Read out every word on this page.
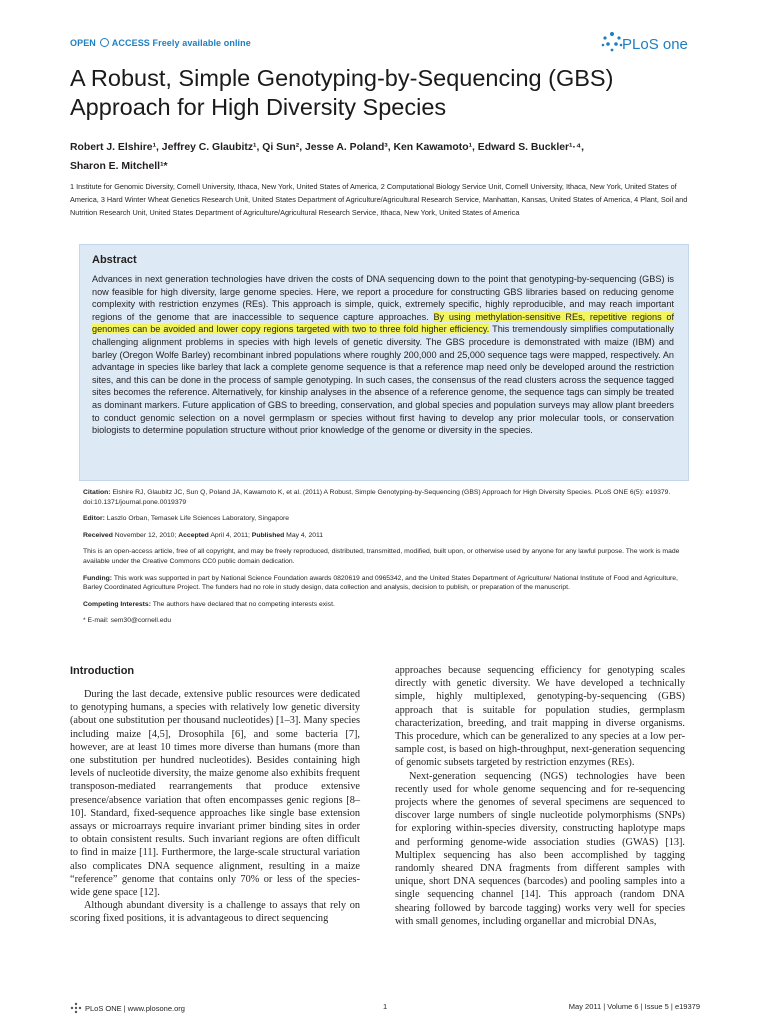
OPEN ACCESS Freely available online	PLoS one
A Robust, Simple Genotyping-by-Sequencing (GBS)
Approach for High Diversity Species
Robert J. Elshire¹, Jeffrey C. Glaubitz¹, Qi Sun², Jesse A. Poland³, Ken Kawamoto¹, Edward S. Buckler¹·⁴,
Sharon E. Mitchell¹*
1 Institute for Genomic Diversity, Cornell University, Ithaca, New York, United States of America, 2 Computational Biology Service Unit, Cornell University, Ithaca, New York, United States of America, 3 Hard Winter Wheat Genetics Research Unit, United States Department of Agriculture/Agricultural Research Service, Manhattan, Kansas, United States of America, 4 Plant, Soil and Nutrition Research Unit, United States Department of Agriculture/Agricultural Research Service, Ithaca, New York, United States of America
Abstract

Advances in next generation technologies have driven the costs of DNA sequencing down to the point that genotyping-by-sequencing (GBS) is now feasible for high diversity, large genome species. Here, we report a procedure for constructing GBS libraries based on reducing genome complexity with restriction enzymes (REs). This approach is simple, quick, extremely specific, highly reproducible, and may reach important regions of the genome that are inaccessible to sequence capture approaches. By using methylation-sensitive REs, repetitive regions of genomes can be avoided and lower copy regions targeted with two to three fold higher efficiency. This tremendously simplifies computationally challenging alignment problems in species with high levels of genetic diversity. The GBS procedure is demonstrated with maize (IBM) and barley (Oregon Wolfe Barley) recombinant inbred populations where roughly 200,000 and 25,000 sequence tags were mapped, respectively. An advantage in species like barley that lack a complete genome sequence is that a reference map need only be developed around the restriction sites, and this can be done in the process of sample genotyping. In such cases, the consensus of the read clusters across the sequence tagged sites becomes the reference. Alternatively, for kinship analyses in the absence of a reference genome, the sequence tags can simply be treated as dominant markers. Future application of GBS to breeding, conservation, and global species and population surveys may allow plant breeders to conduct genomic selection on a novel germplasm or species without first having to develop any prior molecular tools, or conservation biologists to determine population structure without prior knowledge of the genome or diversity in the species.

Citation: Elshire RJ, Glaubitz JC, Sun Q, Poland JA, Kawamoto K, et al. (2011) A Robust, Simple Genotyping-by-Sequencing (GBS) Approach for High Diversity Species. PLoS ONE 6(5): e19379. doi:10.1371/journal.pone.0019379

Editor: Laszlo Orban, Temasek Life Sciences Laboratory, Singapore

Received November 12, 2010; Accepted April 4, 2011; Published May 4, 2011

This is an open-access article, free of all copyright, and may be freely reproduced, distributed, transmitted, modified, built upon, or otherwise used by anyone for any lawful purpose. The work is made available under the Creative Commons CC0 public domain dedication.

Funding: This work was supported in part by National Science Foundation awards 0820619 and 0965342, and the United States Department of Agriculture/ National Institute of Food and Agriculture, Barley Coordinated Agriculture Project. The funders had no role in study design, data collection and analysis, decision to publish, or preparation of the manuscript.

Competing Interests: The authors have declared that no competing interests exist.

* E-mail: sem30@cornell.edu

Introduction

During the last decade, extensive public resources were dedicated to genotyping humans, a species with relatively low genetic diversity (about one substitution per thousand nucleotides) [1–3]. Many species including maize [4,5], Drosophila [6], and some bacteria [7], however, are at least 10 times more diverse than humans (more than one substitution per hundred nucleotides). Besides containing high levels of nucleotide diversity, the maize genome also exhibits frequent transposon-mediated rearrangements that produce extensive presence/absence variation that often encompasses genic regions [8–10]. Standard, fixed-sequence approaches like single base extension assays or microarrays require invariant primer binding sites in order to obtain consistent results. Such invariant regions are often difficult to find in maize [11]. Furthermore, the large-scale structural variation also complicates DNA sequence alignment, resulting in a maize “reference” genome that contains only 70% or less of the species-wide gene space [12].

Although abundant diversity is a challenge to assays that rely on scoring fixed positions, it is advantageous to direct sequencing

approaches because sequencing efficiency for genotyping scales directly with genetic diversity. We have developed a technically simple, highly multiplexed, genotyping-by-sequencing (GBS) approach that is suitable for population studies, germplasm characterization, breeding, and trait mapping in diverse organisms. This procedure, which can be generalized to any species at a low per-sample cost, is based on high-throughput, next-generation sequencing of genomic subsets targeted by restriction enzymes (REs).

Next-generation sequencing (NGS) technologies have been recently used for whole genome sequencing and for re-sequencing projects where the genomes of several specimens are sequenced to discover large numbers of single nucleotide polymorphisms (SNPs) for exploring within-species diversity, constructing haplotype maps and performing genome-wide association studies (GWAS) [13]. Multiplex sequencing has also been accomplished by tagging randomly sheared DNA fragments from different samples with unique, short DNA sequences (barcodes) and pooling samples into a single sequencing channel [14]. This approach (random DNA shearing followed by barcode tagging) works very well for species with small genomes, including organellar and microbial DNAs,

PLoS ONE | www.plosone.org	1	May 2011 | Volume 6 | Issue 5 | e19379
